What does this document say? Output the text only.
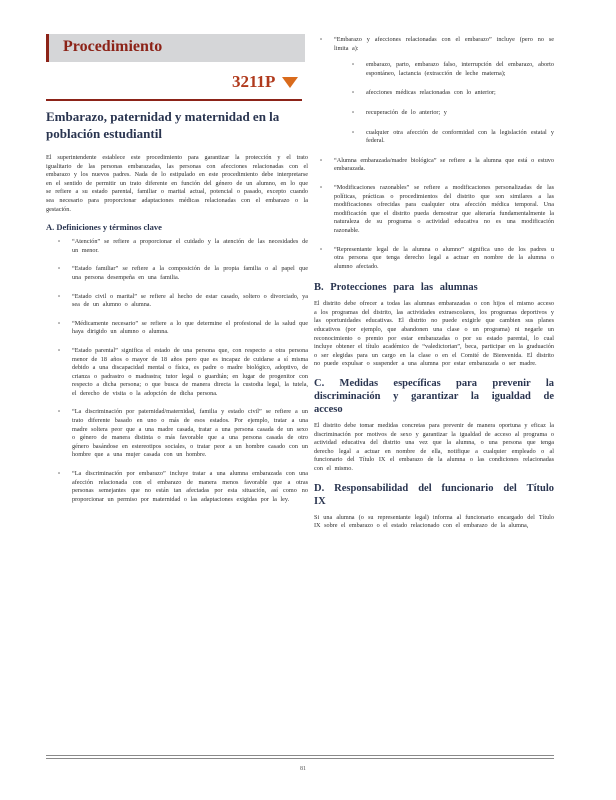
Procedimiento
3211P
Embarazo, paternidad y maternidad en la población estudiantil

El superintendente establece este procedimiento para garantizar la protección y el trato igualitario de las personas embarazadas, las personas con afecciones relacionadas con el embarazo y los nuevos padres. Nada de lo estipulado en este procedimiento debe interpretarse en el sentido de permitir un trato diferente en función del género de un alumno, en lo que se refiere a su estado parental, familiar o marital actual, potencial o pasado, excepto cuando sea necesario para proporcionar adaptaciones médicas relacionadas con el embarazo o la gestación.

A. Definiciones y términos clave
▫ “Atención” se refiere a proporcionar el cuidado y la atención de las necesidades de un menor.
▫ “Estado familiar” se refiere a la composición de la propia familia o al papel que una persona desempeña en una familia.
▫ “Estado civil o marital” se refiere al hecho de estar casado, soltero o divorciado, ya sea de un alumno o alumna.
▫ “Médicamente necesario” se refiere a lo que determine el profesional de la salud que haya dirigido un alumno o alumna.
▫ “Estado parental” significa el estado de una persona que, con respecto a otra persona menor de 18 años o mayor de 18 años pero que es incapaz de cuidarse a sí misma debido a una discapacidad mental o física, es padre o madre biológico, adoptivo, de crianza o padrastro o madrastra; tutor legal o guardián; en lugar de progenitor con respecto a dicha persona; o que busca de manera directa la custodia legal, la tutela, el derecho de visita o la adopción de dicha persona.
▫ “La discriminación por paternidad/maternidad, familia y estado civil” se refiere a un trato diferente basado en uno o más de esos estados. Por ejemplo, tratar a una madre soltera peor que a una madre casada, tratar a una persona casada de un sexo o género de manera distinta o más favorable que a una persona casada de otro género basándose en estereotipos sociales, o tratar peor a un hombre casado con un hombre que a una mujer casada con un hombre.
▫ “La discriminación por embarazo” incluye tratar a una alumna embarazada con una afección relacionada con el embarazo de manera menos favorable que a otras personas semejantes que no están tan afectadas por esta situación, así como no proporcionar un permiso por maternidad o las adaptaciones exigidas por la ley.
▫ “Embarazo y afecciones relacionadas con el embarazo” incluye (pero no se limita a):
▫ embarazo, parto, embarazo falso, interrupción del embarazo, aborto espontáneo, lactancia (extracción de leche materna);
▫ afecciones médicas relacionadas con lo anterior;
▫ recuperación de lo anterior; y
▫ cualquier otra afección de conformidad con la legislación estatal y federal.
▫ “Alumna embarazada/madre biológica” se refiere a la alumna que está o estuvo embarazada.
▫ “Modificaciones razonables” se refiere a modificaciones personalizadas de las políticas, prácticas o procedimientos del distrito que son similares a las modificaciones ofrecidas para cualquier otra afección médica temporal. Una modificación que el distrito pueda demostrar que alteraría fundamentalmente la naturaleza de su programa o actividad educativa no es una modificación razonable.
▫ “Representante legal de la alumna o alumno” significa uno de los padres u otra persona que tenga derecho legal a actuar en nombre de la alumna o alumno afectado.
B. Protecciones para las alumnas

El distrito debe ofrecer a todas las alumnas embarazadas o con hijos el mismo acceso a los programas del distrito, las actividades extraescolares, los programas deportivos y las oportunidades educativas. El distrito no puede exigirle que cambien sus planes educativos (por ejemplo, que abandonen una clase o un programa) ni negarle un reconocimiento o premio por estar embarazadas o por su estado parental, lo cual incluye obtener el título académico de “valedictorian”, beca, participar en la graduación o ser elegidas para un cargo en la clase o en el Comité de Bienvenida. El distrito no puede expulsar o suspender a una alumna por estar embarazada o ser madre.

C. Medidas específicas para prevenir la discriminación y garantizar la igualdad de acceso

El distrito debe tomar medidas concretas para prevenir de manera oportuna y eficaz la discriminación por motivos de sexo y garantizar la igualdad de acceso al programa o actividad educativa del distrito una vez que la alumna, o una persona que tenga derecho legal a actuar en nombre de ella, notifique a cualquier empleado o al funcionario del Título IX el embarazo de la alumna o las condiciones relacionadas con el mismo.

D. Responsabilidad del funcionario del Título IX

Si una alumna (o su representante legal) informa al funcionario encargado del Título IX sobre el embarazo o el estado relacionado con el embarazo de la alumna,

81
